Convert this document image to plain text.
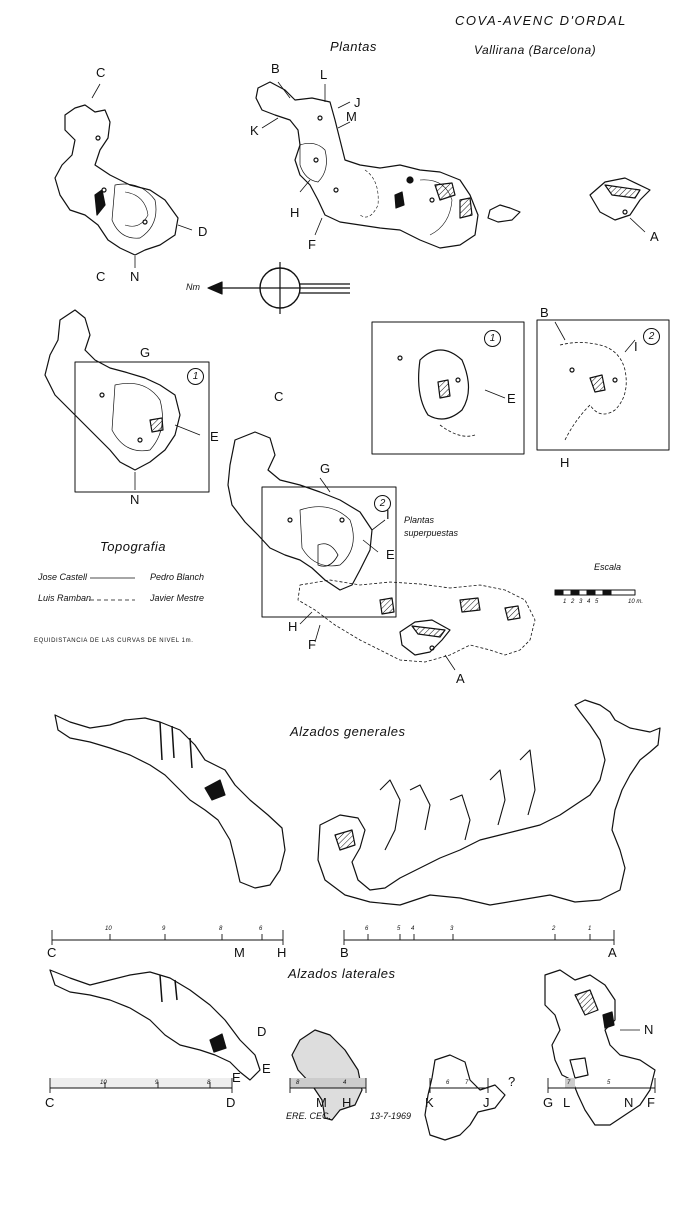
COVA-AVENC D'ORDAL
Vallirana (Barcelona)
Plantas
C	B	L
J
K
M
H
F
A
D
N
Nm
C
G
E
N
1
1
E
2
B
I
H
C
G
I
E
H
F
A
2
Plantas
superpuestas
Topografia
Jose Castell	Pedro Blanch
Luis Ramban	Javier Mestre
EQUIDISTANCIA DE LAS CURVAS DE NIVEL 1m.
Escala
1 2 3 4 5	10 m.
Alzados generales
C	M H
10	9	8	6
B	A
6	5 4	3	2	1
Alzados laterales
D
E
N
?
C	D
E
10	9	8
M H
8	4
K	J
6	7
G L	N F
7	5
ERE. CEC.	13-7-1969
